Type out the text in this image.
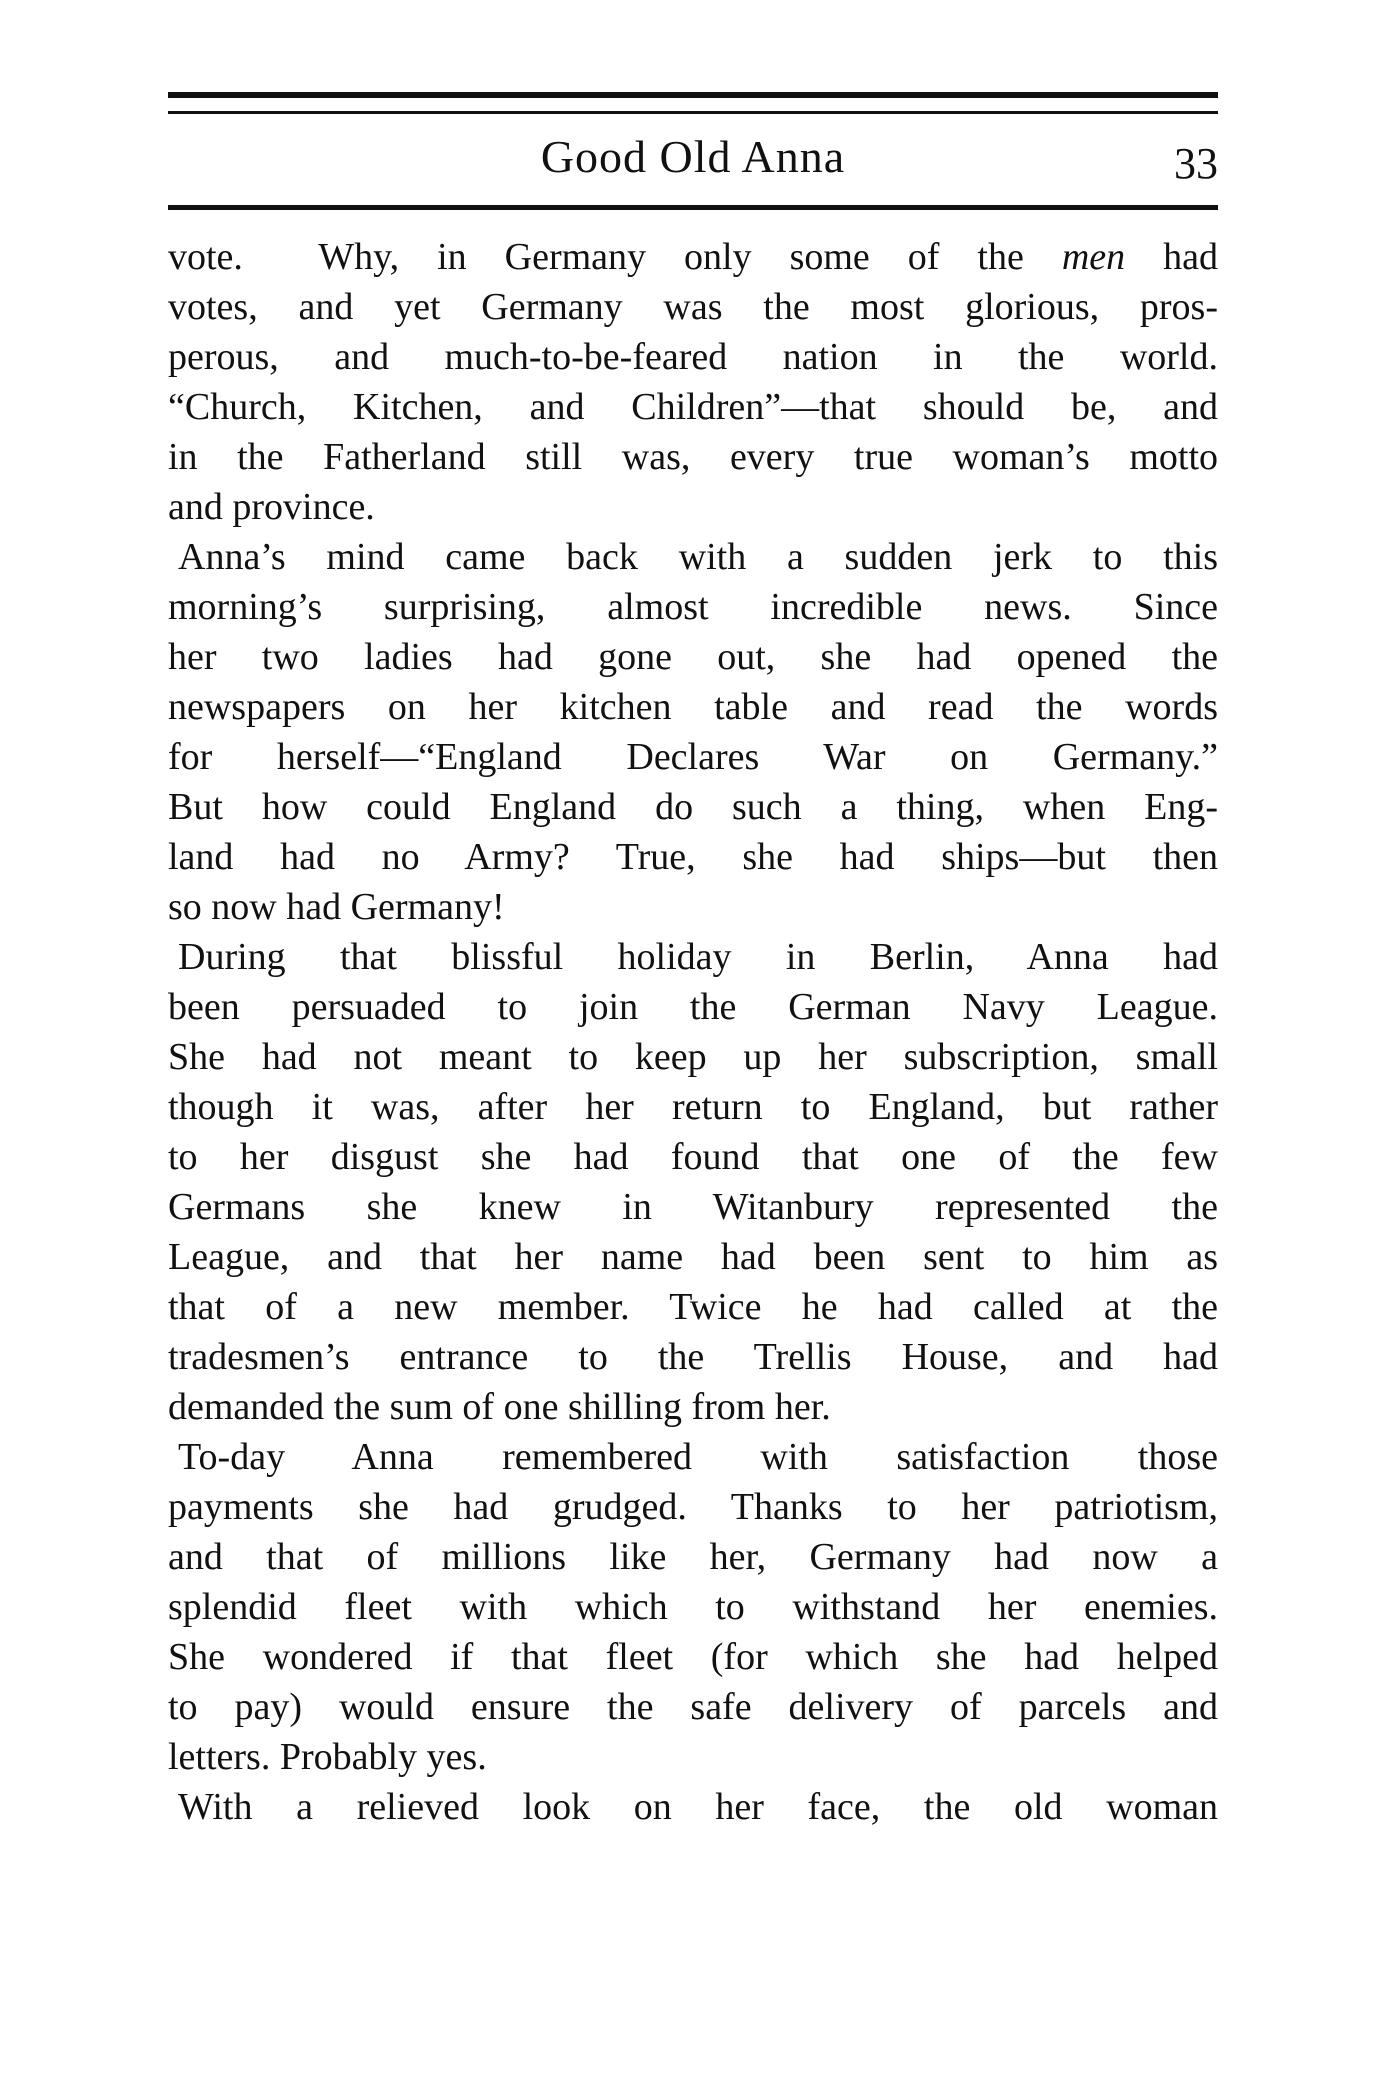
Good Old Anna	33
vote.  Why, in Germany only some of the men had
votes, and yet Germany was the most glorious, pros-
perous, and much-to-be-feared nation in the world.
“Church, Kitchen, and Children”—that should be, and
in the Fatherland still was, every true woman’s motto
and province.
Anna’s mind came back with a sudden jerk to this
morning’s surprising, almost incredible news. Since
her two ladies had gone out, she had opened the
newspapers on her kitchen table and read the words
for herself—“England Declares War on Germany.”
But how could England do such a thing, when Eng-
land had no Army? True, she had ships—but then
so now had Germany!
During that blissful holiday in Berlin, Anna had
been persuaded to join the German Navy League.
She had not meant to keep up her subscription, small
though it was, after her return to England, but rather
to her disgust she had found that one of the few
Germans she knew in Witanbury represented the
League, and that her name had been sent to him as
that of a new member. Twice he had called at the
tradesmen’s entrance to the Trellis House, and had
demanded the sum of one shilling from her.
To-day Anna remembered with satisfaction those
payments she had grudged. Thanks to her patriotism,
and that of millions like her, Germany had now a
splendid fleet with which to withstand her enemies.
She wondered if that fleet (for which she had helped
to pay) would ensure the safe delivery of parcels and
letters. Probably yes.
With a relieved look on her face, the old woman
